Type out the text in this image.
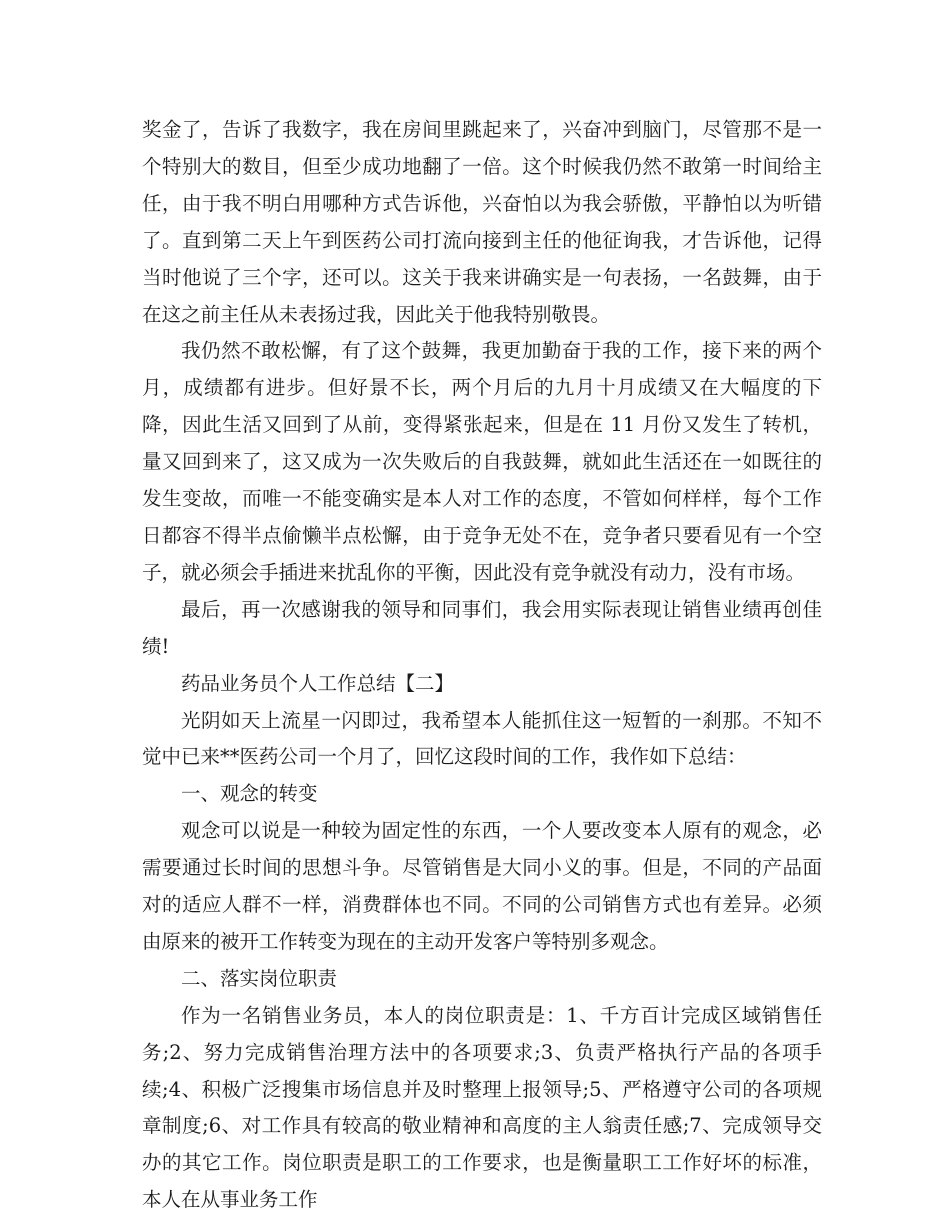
奖金了，告诉了我数字，我在房间里跳起来了，兴奋冲到脑门，尽管那不是一个特别大的数目，但至少成功地翻了一倍。这个时候我仍然不敢第一时间给主任，由于我不明白用哪种方式告诉他，兴奋怕以为我会骄傲，平静怕以为听错了。直到第二天上午到医药公司打流向接到主任的他征询我，才告诉他，记得当时他说了三个字，还可以。这关于我来讲确实是一句表扬，一名鼓舞，由于在这之前主任从未表扬过我，因此关于他我特别敬畏。

我仍然不敢松懈，有了这个鼓舞，我更加勤奋于我的工作，接下来的两个月，成绩都有进步。但好景不长，两个月后的九月十月成绩又在大幅度的下降，因此生活又回到了从前，变得紧张起来，但是在 11 月份又发生了转机，量又回到来了，这又成为一次失败后的自我鼓舞，就如此生活还在一如既往的发生变故，而唯一不能变确实是本人对工作的态度，不管如何样样，每个工作日都容不得半点偷懒半点松懈，由于竞争无处不在，竞争者只要看见有一个空子，就必须会手插进来扰乱你的平衡，因此没有竞争就没有动力，没有市场。

最后，再一次感谢我的领导和同事们，我会用实际表现让销售业绩再创佳绩!

药品业务员个人工作总结【二】

光阴如天上流星一闪即过，我希望本人能抓住这一短暂的一刹那。不知不觉中已来**医药公司一个月了，回忆这段时间的工作，我作如下总结：

一、观念的转变

观念可以说是一种较为固定性的东西，一个人要改变本人原有的观念，必需要通过长时间的思想斗争。尽管销售是大同小义的事。但是，不同的产品面对的适应人群不一样，消费群体也不同。不同的公司销售方式也有差异。必须由原来的被开工作转变为现在的主动开发客户等特别多观念。

二、落实岗位职责

作为一名销售业务员，本人的岗位职责是：1、千方百计完成区域销售任务;2、努力完成销售治理方法中的各项要求;3、负责严格执行产品的各项手续;4、积极广泛搜集市场信息并及时整理上报领导;5、严格遵守公司的各项规章制度;6、对工作具有较高的敬业精神和高度的主人翁责任感;7、完成领导交办的其它工作。岗位职责是职工的工作要求，也是衡量职工工作好坏的标准，本人在从事业务工作
